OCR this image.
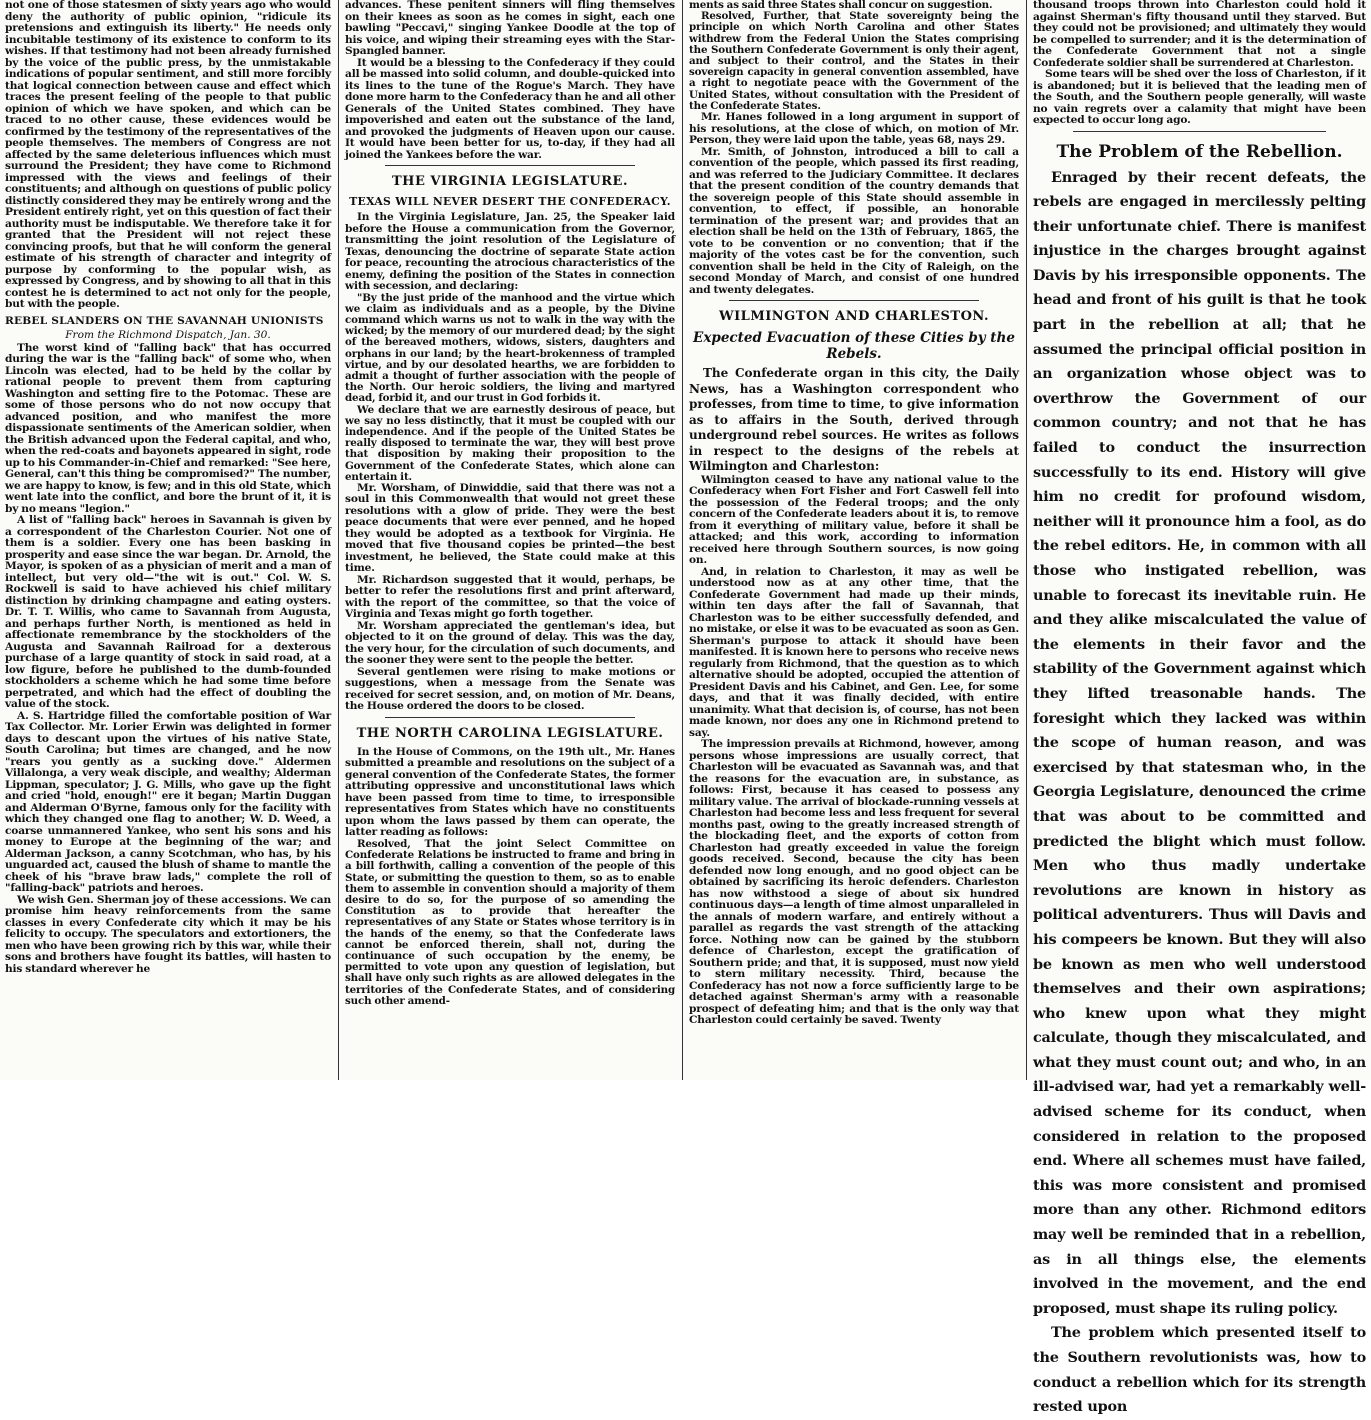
not one of those statesmen of sixty years ago who would deny the authority of public opinion, "ridicule its pretensions and extinguish its liberty." He needs only incubitable testimony of its existence to conform to its wishes. If that testimony had not been already furnished by the voice of the public press, by the unmistakable indications of popular sentiment, and still more forcibly that logical connection between cause and effect which traces the present feeling of the people to that public opinion of which we have spoken, and which can be traced to no other cause, these evidences would be confirmed by the testimony of the representatives of the people themselves. The members of Congress are not affected by the same deleterious influences which must surround the President; they have come to Richmond impressed with the views and feelings of their constituents; and although on questions of public policy distinctly considered they may be entirely wrong and the President entirely right, yet on this question of fact their authority must be indisputable. We therefore take it for granted that the President will not reject these convincing proofs, but that he will conform the general estimate of his strength of character and integrity of purpose by conforming to the popular wish, as expressed by Congress, and by showing to all that in this contest he is determined to act not only for the people, but with the people.

REBEL SLANDERS ON THE SAVANNAH UNIONISTS
From the Richmond Dispatch, Jan. 30.

The worst kind of "falling back" that has occurred during the war is the "falling back" of some who, when Lincoln was elected, had to be held by the collar by rational people to prevent them from capturing Washington and setting fire to the Potomac. These are some of those persons who do not now occupy that advanced position, and who manifest the more dispassionate sentiments of the American soldier, when the British advanced upon the Federal capital, and who, when the red-coats and bayonets appeared in sight, rode up to his Commander-in-Chief and remarked: "See here, General, can't this thing be compromised?" The number, we are happy to know, is few; and in this old State, which went late into the conflict, and bore the brunt of it, it is by no means "legion."

A list of "falling back" heroes in Savannah is given by a correspondent of the Charleston Courier. Not one of them is a soldier. Every one has been basking in prosperity and ease since the war began. Dr. Arnold, the Mayor, is spoken of as a physician of merit and a man of intellect, but very old—"the wit is out." Col. W. S. Rockwell is said to have achieved his chief military distinction by drinking champagne and eating oysters. Dr. T. T. Willis, who came to Savannah from Augusta, and perhaps further North, is mentioned as held in affectionate remembrance by the stockholders of the Augusta and Savannah Railroad for a dexterous purchase of a large quantity of stock in said road, at a low figure, before he published to the dumb-founded stockholders a scheme which he had some time before perpetrated, and which had the effect of doubling the value of the stock.

A. S. Hartridge filled the comfortable position of War Tax Collector. Mr. Lorier Erwin was delighted in former days to descant upon the virtues of his native State, South Carolina; but times are changed, and he now "rears you gently as a sucking dove." Aldermen Villalonga, a very weak disciple, and wealthy; Alderman Lippman, speculator; J. G. Mills, who gave up the fight and cried "hold, enough!" ere it began; Martin Duggan and Alderman O'Byrne, famous only for the facility with which they changed one flag to another; W. D. Weed, a coarse unmannered Yankee, who sent his sons and his money to Europe at the beginning of the war; and Alderman Jackson, a canny Scotchman, who has, by his unguarded act, caused the blush of shame to mantle the cheek of his "brave braw lads," complete the roll of "falling-back" patriots and heroes.

We wish Gen. Sherman joy of these accessions. We can promise him heavy reinforcements from the same classes in every Confederate city which it may be his felicity to occupy. The speculators and extortioners, the men who have been growing rich by this war, while their sons and brothers have fought its battles, will hasten to his standard wherever he

advances. These penitent sinners will fling themselves on their knees as soon as he comes in sight, each one bawling "Peccavi," singing Yankee Doodle at the top of his voice, and wiping their streaming eyes with the Star-Spangled banner.

It would be a blessing to the Confederacy if they could all be massed into solid column, and double-quicked into its lines to the tune of the Rogue's March. They have done more harm to the Confederacy than he and all other Generals of the United States combined. They have impoverished and eaten out the substance of the land, and provoked the judgments of Heaven upon our cause. It would have been better for us, to-day, if they had all joined the Yankees before the war.

THE VIRGINIA LEGISLATURE.
TEXAS WILL NEVER DESERT THE CONFEDERACY.

In the Virginia Legislature, Jan. 25, the Speaker laid before the House a communication from the Governor, transmitting the joint resolution of the Legislature of Texas, denouncing the doctrine of separate State action for peace, recounting the atrocious characteristics of the enemy, defining the position of the States in connection with secession, and declaring:

"By the just pride of the manhood and the virtue which we claim as individuals and as a people, by the Divine command which warns us not to walk in the way with the wicked; by the memory of our murdered dead; by the sight of the bereaved mothers, widows, sisters, daughters and orphans in our land; by the heart-brokenness of trampled virtue, and by our desolated hearths, we are forbidden to admit a thought of further association with the people of the North. Our heroic soldiers, the living and martyred dead, forbid it, and our trust in God forbids it.

We declare that we are earnestly desirous of peace, but we say no less distinctly, that it must be coupled with our independence. And if the people of the United States be really disposed to terminate the war, they will best prove that disposition by making their proposition to the Government of the Confederate States, which alone can entertain it.

Mr. Worsham, of Dinwiddie, said that there was not a soul in this Commonwealth that would not greet these resolutions with a glow of pride. They were the best peace documents that were ever penned, and he hoped they would be adopted as a textbook for Virginia. He moved that five thousand copies be printed—the best investment, he believed, the State could make at this time.

Mr. Richardson suggested that it would, perhaps, be better to refer the resolutions first and print afterward, with the report of the committee, so that the voice of Virginia and Texas might go forth together.

Mr. Worsham appreciated the gentleman's idea, but objected to it on the ground of delay. This was the day, the very hour, for the circulation of such documents, and the sooner they were sent to the people the better.

Several gentlemen were rising to make motions or suggestions, when a message from the Senate was received for secret session, and, on motion of Mr. Deans, the House ordered the doors to be closed.

THE NORTH CAROLINA LEGISLATURE.

In the House of Commons, on the 19th ult., Mr. Hanes submitted a preamble and resolutions on the subject of a general convention of the Confederate States, the former attributing oppressive and unconstitutional laws which have been passed from time to time, to irresponsible representatives from States which have no constituents upon whom the laws passed by them can operate, the latter reading as follows:

Resolved, That the joint Select Committee on Confederate Relations be instructed to frame and bring in a bill forthwith, calling a convention of the people of this State, or submitting the question to them, so as to enable them to assemble in convention should a majority of them desire to do so, for the purpose of so amending the Constitution as to provide that hereafter the representatives of any State or States whose territory is in the hands of the enemy, so that the Confederate laws cannot be enforced therein, shall not, during the continuance of such occupation by the enemy, be permitted to vote upon any question of legislation, but shall have only such rights as are allowed delegates in the territories of the Confederate States, and of considering such other amend-

ments as said three States shall concur on suggestion.

Resolved, Further, that State sovereignty being the principle on which North Carolina and other States withdrew from the Federal Union the States comprising the Southern Confederate Government is only their agent, and subject to their control, and the States in their sovereign capacity in general convention assembled, have a right to negotiate peace with the Government of the United States, without consultation with the President of the Confederate States.

Mr. Hanes followed in a long argument in support of his resolutions, at the close of which, on motion of Mr. Person, they were laid upon the table, yeas 68, nays 29.

Mr. Smith, of Johnston, introduced a bill to call a convention of the people, which passed its first reading, and was referred to the Judiciary Committee. It declares that the present condition of the country demands that the sovereign people of this State should assemble in convention, to effect, if possible, an honorable termination of the present war; and provides that an election shall be held on the 13th of February, 1865, the vote to be convention or no convention; that if the majority of the votes cast be for the convention, such convention shall be held in the City of Raleigh, on the second Monday of March, and consist of one hundred and twenty delegates.

WILMINGTON AND CHARLESTON.
Expected Evacuation of these Cities by the Rebels.

The Confederate organ in this city, the Daily News, has a Washington correspondent who professes, from time to time, to give information as to affairs in the South, derived through underground rebel sources. He writes as follows in respect to the designs of the rebels at Wilmington and Charleston:

Wilmington ceased to have any national value to the Confederacy when Fort Fisher and Fort Caswell fell into the possession of the Federal troops; and the only concern of the Confederate leaders about it is, to remove from it everything of military value, before it shall be attacked; and this work, according to information received here through Southern sources, is now going on.

And, in relation to Charleston, it may as well be understood now as at any other time, that the Confederate Government had made up their minds, within ten days after the fall of Savannah, that Charleston was to be either successfully defended, and no mistake, or else it was to be evacuated as soon as Gen. Sherman's purpose to attack it should have been manifested. It is known here to persons who receive news regularly from Richmond, that the question as to which alternative should be adopted, occupied the attention of President Davis and his Cabinet, and Gen. Lee, for some days, and that it was finally decided, with entire unanimity. What that decision is, of course, has not been made known, nor does any one in Richmond pretend to say.

The impression prevails at Richmond, however, among persons whose impressions are usually correct, that Charleston will be evacuated as Savannah was, and that the reasons for the evacuation are, in substance, as follows: First, because it has ceased to possess any military value. The arrival of blockade-running vessels at Charleston had become less and less frequent for several months past, owing to the greatly increased strength of the blockading fleet, and the exports of cotton from Charleston had greatly exceeded in value the foreign goods received. Second, because the city has been defended now long enough, and no good object can be obtained by sacrificing its heroic defenders. Charleston has now withstood a siege of about six hundred continuous days—a length of time almost unparalleled in the annals of modern warfare, and entirely without a parallel as regards the vast strength of the attacking force. Nothing now can be gained by the stubborn defence of Charleston, except the gratification of Southern pride; and that, it is supposed, must now yield to stern military necessity. Third, because the Confederacy has not now a force sufficiently large to be detached against Sherman's army with a reasonable prospect of defeating him; and that is the only way that Charleston could certainly be saved. Twenty

thousand troops thrown into Charleston could hold it against Sherman's fifty thousand until they starved. But they could not be provisioned; and ultimately they would be compelled to surrender; and it is the determination of the Confederate Government that not a single Confederate soldier shall be surrendered at Charleston.

Some tears will be shed over the loss of Charleston, if it is abandoned; but it is believed that the leading men of the South, and the Southern people generally, will waste no vain regrets over a calamity that might have been expected to occur long ago.

The Problem of the Rebellion.

Enraged by their recent defeats, the rebels are engaged in mercilessly pelting their unfortunate chief. There is manifest injustice in the charges brought against Davis by his irresponsible opponents. The head and front of his guilt is that he took part in the rebellion at all; that he assumed the principal official position in an organization whose object was to overthrow the Government of our common country; and not that he has failed to conduct the insurrection successfully to its end. History will give him no credit for profound wisdom, neither will it pronounce him a fool, as do the rebel editors. He, in common with all those who instigated rebellion, was unable to forecast its inevitable ruin. He and they alike miscalculated the value of the elements in their favor and the stability of the Government against which they lifted treasonable hands. The foresight which they lacked was within the scope of human reason, and was exercised by that statesman who, in the Georgia Legislature, denounced the crime that was about to be committed and predicted the blight which must follow. Men who thus madly undertake revolutions are known in history as political adventurers. Thus will Davis and his compeers be known. But they will also be known as men who well understood themselves and their own aspirations; who knew upon what they might calculate, though they miscalculated, and what they must count out; and who, in an ill-advised war, had yet a remarkably well-advised scheme for its conduct, when considered in relation to the proposed end. Where all schemes must have failed, this was more consistent and promised more than any other. Richmond editors may well be reminded that in a rebellion, as in all things else, the elements involved in the movement, and the end proposed, must shape its ruling policy.

The problem which presented itself to the Southern revolutionists was, how to conduct a rebellion which for its strength rested upon
